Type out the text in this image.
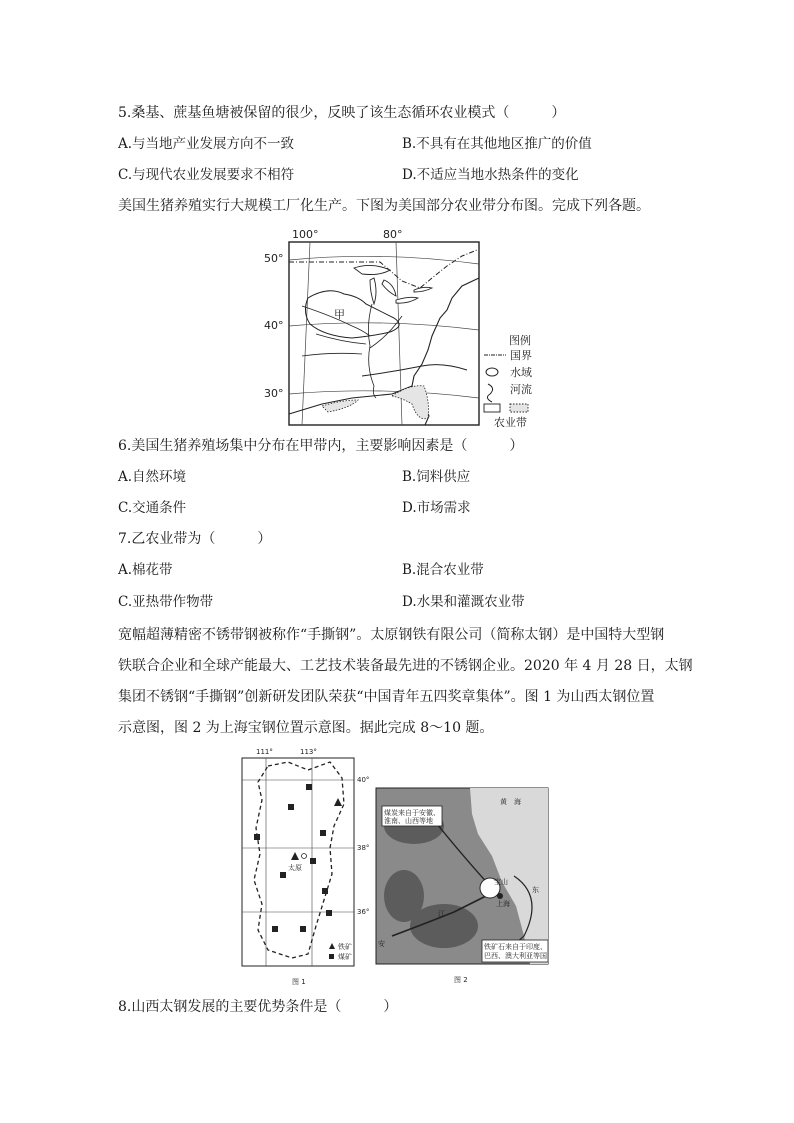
5.桑基、蔗基鱼塘被保留的很少，反映了该生态循环农业模式（　　　）
A.与当地产业发展方向不一致	B.不具有在其他地区推广的价值
C.与现代农业发展要求不相符	D.不适应当地水热条件的变化
美国生猪养殖实行大规模工厂化生产。下图为美国部分农业带分布图。完成下列各题。
100°	80°
50°
40°
30°
甲
图例
国界
水域
河流
农业带
6.美国生猪养殖场集中分布在甲带内，主要影响因素是（　　　）
A.自然环境	B.饲料供应
C.交通条件	D.市场需求
7.乙农业带为（　　　）
A.棉花带	B.混合农业带
C.亚热带作物带	D.水果和灌溉农业带
宽幅超薄精密不锈带钢被称作“手撕钢”。太原钢铁有限公司（简称太钢）是中国特大型钢
铁联合企业和全球产能最大、工艺技术装备最先进的不锈钢企业。2020 年 4 月 28 日，太钢
集团不锈钢“手撕钢”创新研发团队荣获“中国青年五四奖章集体”。图 1 为山西太钢位置
示意图，图 2 为上海宝钢位置示意图。据此完成 8～10 题。
111°	113°
40°
38°
36°
太原
铁矿
煤矿
图 1
宝山
上海
黄 海
东
江
安
煤炭来自于安徽、
淮南、山西等地
铁矿石来自于印度、
巴西、澳大利亚等国
图 2
8.山西太钢发展的主要优势条件是（　　　）
